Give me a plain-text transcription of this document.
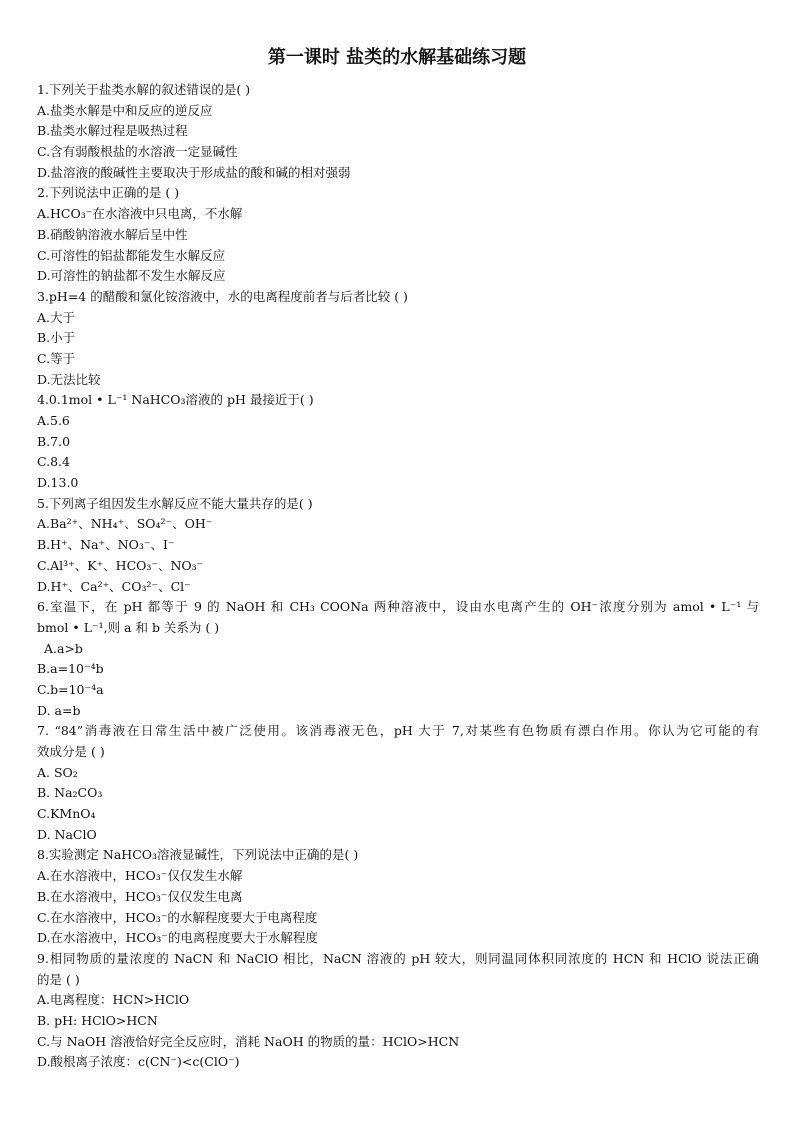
第一课时 盐类的水解基础练习题
1.下列关于盐类水解的叙述错误的是( )
A.盐类水解是中和反应的逆反应
B.盐类水解过程是吸热过程
C.含有弱酸根盐的水溶液一定显碱性
D.盐溶液的酸碱性主要取决于形成盐的酸和碱的相对强弱
2.下列说法中正确的是 ( )
A.HCO₃⁻在水溶液中只电离，不水解
B.硝酸钠溶液水解后呈中性
C.可溶性的铝盐都能发生水解反应
D.可溶性的钠盐都不发生水解反应
3.pH=4 的醋酸和氯化铵溶液中，水的电离程度前者与后者比较 ( )
A.大于
B.小于
C.等于
D.无法比较
4.0.1mol • L⁻¹ NaHCO₃溶液的 pH 最接近于( )
A.5.6
B.7.0
C.8.4
D.13.0
5.下列离子组因发生水解反应不能大量共存的是( )
A.Ba²⁺、NH₄⁺、SO₄²⁻、OH⁻
B.H⁺、Na⁺、NO₃⁻、I⁻
C.Al³⁺、K⁺、HCO₃⁻、NO₃⁻
D.H⁺、Ca²⁺、CO₃²⁻、Cl⁻
6.室温下，在 pH 都等于 9 的 NaOH 和 CH₃ COONa 两种溶液中，设由水电离产生的 OH⁻浓度分别为 amol • L⁻¹ 与
bmol • L⁻¹,则 a 和 b 关系为 ( )
A.a>b
B.a=10⁻⁴b
C.b=10⁻⁴a
D. a=b
7. “84”消毒液在日常生活中被广泛使用。该消毒液无色，pH 大于 7,对某些有色物质有漂白作用。你认为它可能的有
效成分是 ( )
A. SO₂
B. Na₂CO₃
C.KMnO₄
D. NaClO
8.实验测定 NaHCO₃溶液显碱性，下列说法中正确的是( )
A.在水溶液中，HCO₃⁻仅仅发生水解
B.在水溶液中，HCO₃⁻仅仅发生电离
C.在水溶液中，HCO₃⁻的水解程度要大于电离程度
D.在水溶液中，HCO₃⁻的电离程度要大于水解程度
9.相同物质的量浓度的 NaCN 和 NaClO 相比，NaCN 溶液的 pH 较大，则同温同体积同浓度的 HCN 和 HClO 说法正确
的是 ( )
A.电离程度：HCN>HClO
B. pH: HClO>HCN
C.与 NaOH 溶液恰好完全反应时，消耗 NaOH 的物质的量：HClO>HCN
D.酸根离子浓度：c(CN⁻)<c(ClO⁻)
